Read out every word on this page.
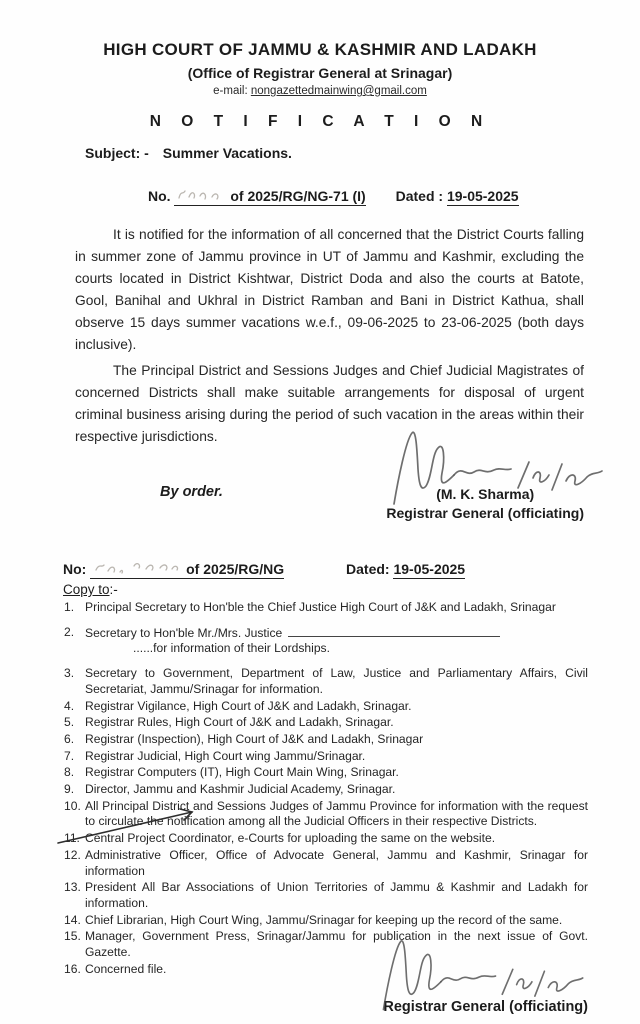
HIGH COURT OF JAMMU & KASHMIR AND LADAKH
(Office of Registrar General at Srinagar)
e-mail: nongazettedmainwing@gmail.com
N O T I F I C A T I O N
Subject: - Summer Vacations.
No.	of 2025/RG/NG-71 (I) Dated : 19-05-2025
It is notified for the information of all concerned that the District Courts falling in summer zone of Jammu province in UT of Jammu and Kashmir, excluding the courts located in District Kishtwar, District Doda and also the courts at Batote, Gool, Banihal and Ukhral in District Ramban and Bani in District Kathua, shall observe 15 days summer vacations w.e.f., 09-06-2025 to 23-06-2025 (both days inclusive).
The Principal District and Sessions Judges and Chief Judicial Magistrates of concerned Districts shall make suitable arrangements for disposal of urgent criminal business arising during the period of such vacation in the areas within their respective jurisdictions.
By order.	(M. K. Sharma)
Registrar General (officiating)
No:	of 2025/RG/NG	Dated: 19-05-2025
Copy to:-
1. Principal Secretary to Hon'ble the Chief Justice High Court of J&K and Ladakh, Srinagar
2. Secretary to Hon'ble Mr./Mrs. Justice
......for information of their Lordships.
3. Secretary to Government, Department of Law, Justice and Parliamentary Affairs, Civil Secretariat, Jammu/Srinagar for information.
4. Registrar Vigilance, High Court of J&K and Ladakh, Srinagar.
5. Registrar Rules, High Court of J&K and Ladakh, Srinagar.
6. Registrar (Inspection), High Court of J&K and Ladakh, Srinagar
7. Registrar Judicial, High Court wing Jammu/Srinagar.
8. Registrar Computers (IT), High Court Main Wing, Srinagar.
9. Director, Jammu and Kashmir Judicial Academy, Srinagar.
10. All Principal District and Sessions Judges of Jammu Province for information with the request to circulate the notification among all the Judicial Officers in their respective Districts.
11. Central Project Coordinator, e-Courts for uploading the same on the website.
12. Administrative Officer, Office of Advocate General, Jammu and Kashmir, Srinagar for information
13. President All Bar Associations of Union Territories of Jammu & Kashmir and Ladakh for information.
14. Chief Librarian, High Court Wing, Jammu/Srinagar for keeping up the record of the same.
15. Manager, Government Press, Srinagar/Jammu for publication in the next issue of Govt. Gazette.
16. Concerned file.
Registrar General (officiating)
